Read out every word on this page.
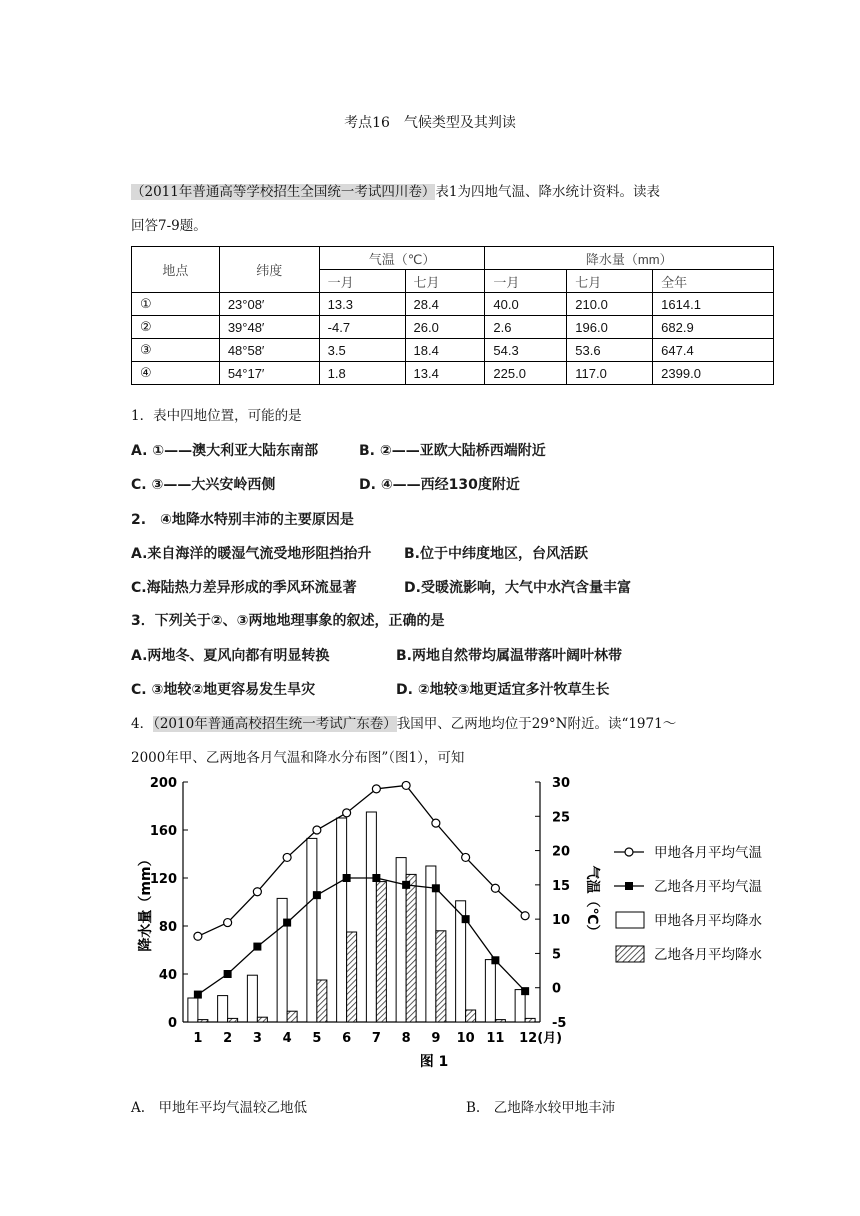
考点16　气候类型及其判读
（2011年普通高等学校招生全国统一考试四川卷）表1为四地气温、降水统计资料。读表
回答7-9题。
地点	纬度	气温（℃）		降水量（mm）		
		一月	七月	一月	七月	全年
①	23°08′	13.3	28.4	40.0	210.0	1614.1
②	39°48′	-4.7	26.0	2.6	196.0	682.9
③	48°58′	3.5	18.4	54.3	53.6	647.4
④	54°17′	1.8	13.4	225.0	117.0	2399.0
1．表中四地位置，可能的是
A. ①——澳大利亚大陆东南部	B. ②——亚欧大陆桥西端附近
C. ③——大兴安岭西侧	D. ④——西经130度附近
2.　④地降水特别丰沛的主要原因是
A.来自海洋的暖湿气流受地形阻挡抬升 B.位于中纬度地区，台风活跃
C.海陆热力差异形成的季风环流显著	D.受暖流影响，大气中水汽含量丰富
3．下列关于②、③两地地理事象的叙述，正确的是
A.两地冬、夏风向都有明显转换	B.两地自然带均属温带落叶阔叶林带
C. ③地较②地更容易发生旱灾	D. ②地较③地更适宜多汁牧草生长
4．（2010年普通高校招生统一考试广东卷）我国甲、乙两地均位于29°N附近。读“1971～
2000年甲、乙两地各月气温和降水分布图”（图1），可知
0
40
80
120
160
200
-5
0
5
10
15
20
25
30
1 2 3 4 5 6 7 8 9 10 11 12(月)
降水量（mm）	气温（℃）
图 1
甲地各月平均气温
乙地各月平均气温
甲地各月平均降水
乙地各月平均降水
A.　甲地年平均气温较乙地低	B.　乙地降水较甲地丰沛
